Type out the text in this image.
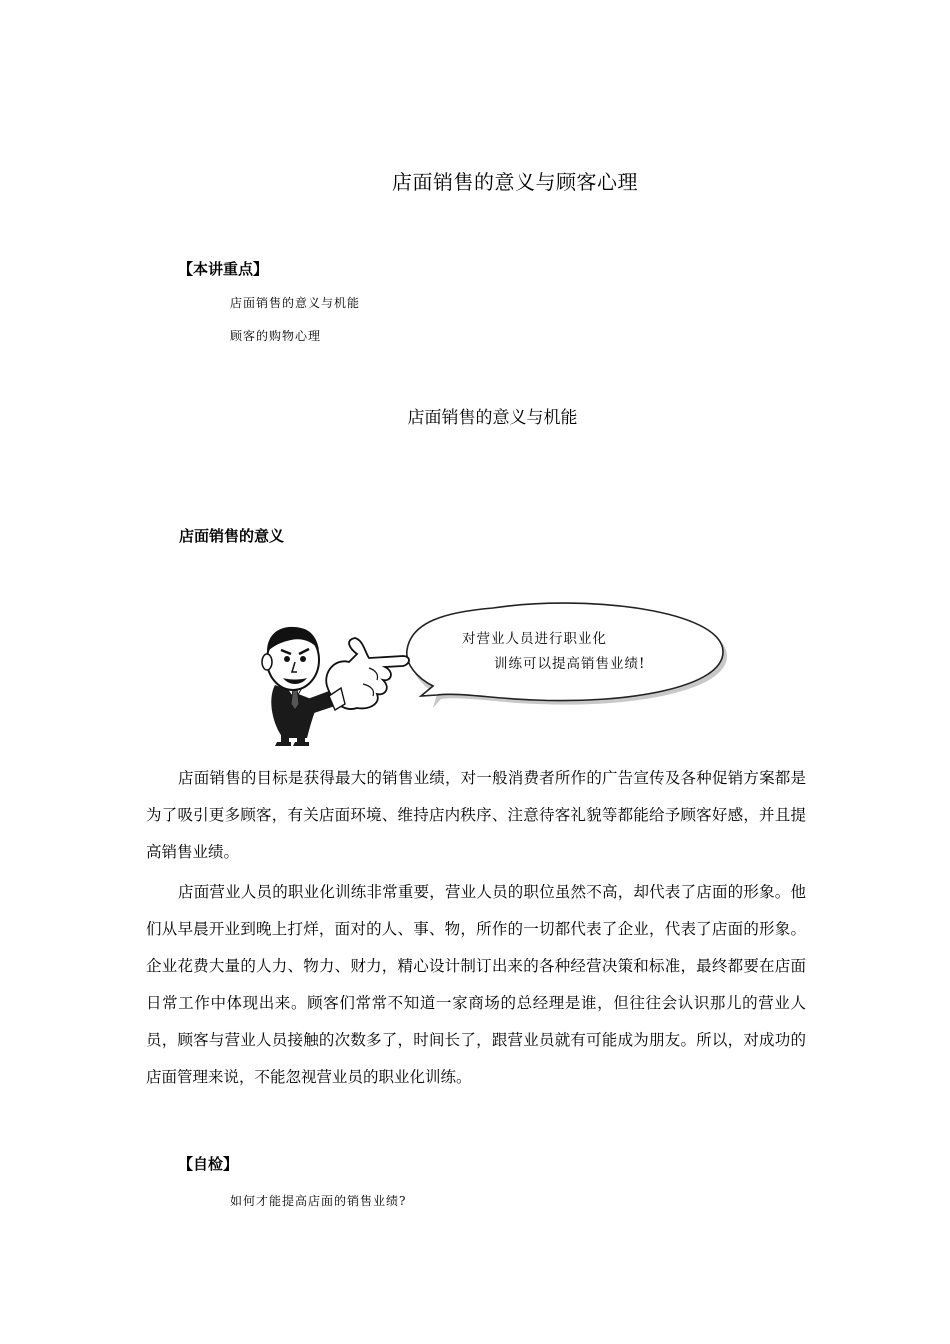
店面销售的意义与顾客心理
【本讲重点】
店面销售的意义与机能
顾客的购物心理
店面销售的意义与机能
店面销售的意义
对营业人员进行职业化
训练可以提高销售业绩!
店面销售的目标是获得最大的销售业绩，对一般消费者所作的广告宣传及各种促销方案都是为了吸引更多顾客，有关店面环境、维持店内秩序、注意待客礼貌等都能给予顾客好感，并且提高销售业绩。
店面营业人员的职业化训练非常重要，营业人员的职位虽然不高，却代表了店面的形象。他们从早晨开业到晚上打烊，面对的人、事、物，所作的一切都代表了企业，代表了店面的形象。企业花费大量的人力、物力、财力，精心设计制订出来的各种经营决策和标准，最终都要在店面日常工作中体现出来。顾客们常常不知道一家商场的总经理是谁，但往往会认识那儿的营业人员，顾客与营业人员接触的次数多了，时间长了，跟营业员就有可能成为朋友。所以，对成功的店面管理来说，不能忽视营业员的职业化训练。
【自检】
如何才能提高店面的销售业绩?
